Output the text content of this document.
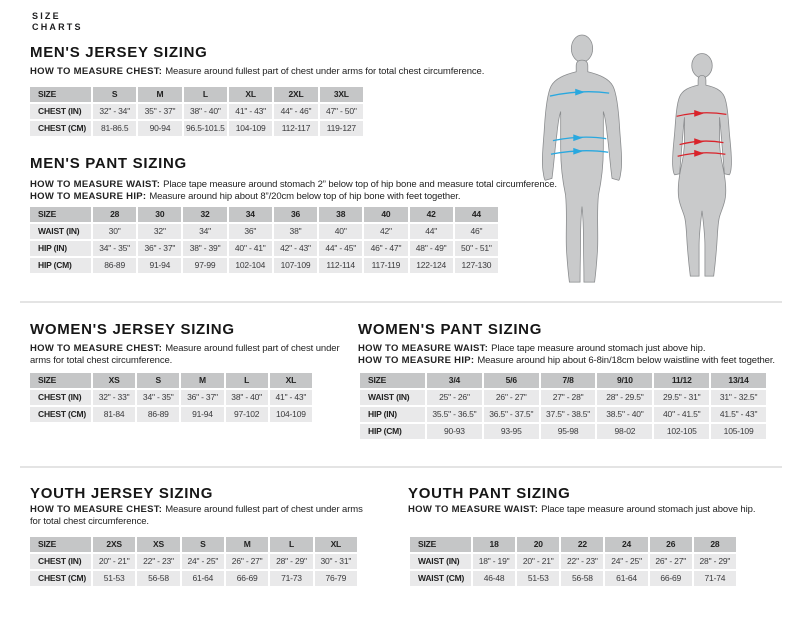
SIZE
CHARTS
MEN'S JERSEY SIZING
HOW TO MEASURE CHEST: Measure around fullest part of chest under arms for total chest circumference.
SIZE	S	M	L	XL	2XL	3XL
CHEST (IN)	32" - 34"	35" - 37"	38" - 40"	41" - 43"	44" - 46"	47" - 50"
CHEST (CM)	81-86.5	90-94	96.5-101.5	104-109	112-117	119-127
MEN'S PANT SIZING
HOW TO MEASURE WAIST: Place tape measure around stomach 2” below top of hip bone and measure total circumference.
HOW TO MEASURE HIP: Measure around hip about 8”/20cm below top of hip bone with feet together.
SIZE	28	30	32	34	36	38	40	42	44
WAIST (IN)	30"	32"	34"	36"	38"	40"	42"	44"	46"
HIP (IN)	34" - 35"	36" - 37"	38" - 39"	40" - 41"	42" - 43"	44" - 45"	46" - 47"	48" - 49"	50" - 51"
HIP (CM)	86-89	91-94	97-99	102-104	107-109	112-114	117-119	122-124	127-130
WOMEN'S JERSEY SIZING
HOW TO MEASURE CHEST: Measure around fullest part of chest under arms for total chest circumference.
SIZE	XS	S	M	L	XL
CHEST (IN)	32" - 33"	34" - 35"	36" - 37"	38" - 40"	41" - 43"
CHEST (CM)	81-84	86-89	91-94	97-102	104-109
WOMEN'S PANT SIZING
HOW TO MEASURE WAIST: Place tape measure around stomach just above hip.
HOW TO MEASURE HIP: Measure around hip about 6-8in/18cm below waistline with feet together.
SIZE	3/4	5/6	7/8	9/10	11/12	13/14
WAIST (IN)	25" - 26"	26" - 27"	27" - 28"	28" - 29.5"	29.5" - 31"	31" - 32.5"
HIP (IN)	35.5" - 36.5"	36.5" - 37.5"	37.5" - 38.5"	38.5" - 40"	40" - 41.5"	41.5" - 43"
HIP (CM)	90-93	93-95	95-98	98-02	102-105	105-109
YOUTH JERSEY SIZING
HOW TO MEASURE CHEST: Measure around fullest part of chest under arms for total chest circumference.
SIZE	2XS	XS	S	M	L	XL
CHEST (IN)	20" - 21"	22" - 23"	24" - 25"	26" - 27"	28" - 29"	30" - 31"
CHEST (CM)	51-53	56-58	61-64	66-69	71-73	76-79
YOUTH PANT SIZING
HOW TO MEASURE WAIST: Place tape measure around stomach just above hip.
SIZE	18	20	22	24	26	28
WAIST (IN)	18" - 19"	20" - 21"	22" - 23"	24" - 25"	26" - 27"	28" - 29"
WAIST (CM)	46-48	51-53	56-58	61-64	66-69	71-74
